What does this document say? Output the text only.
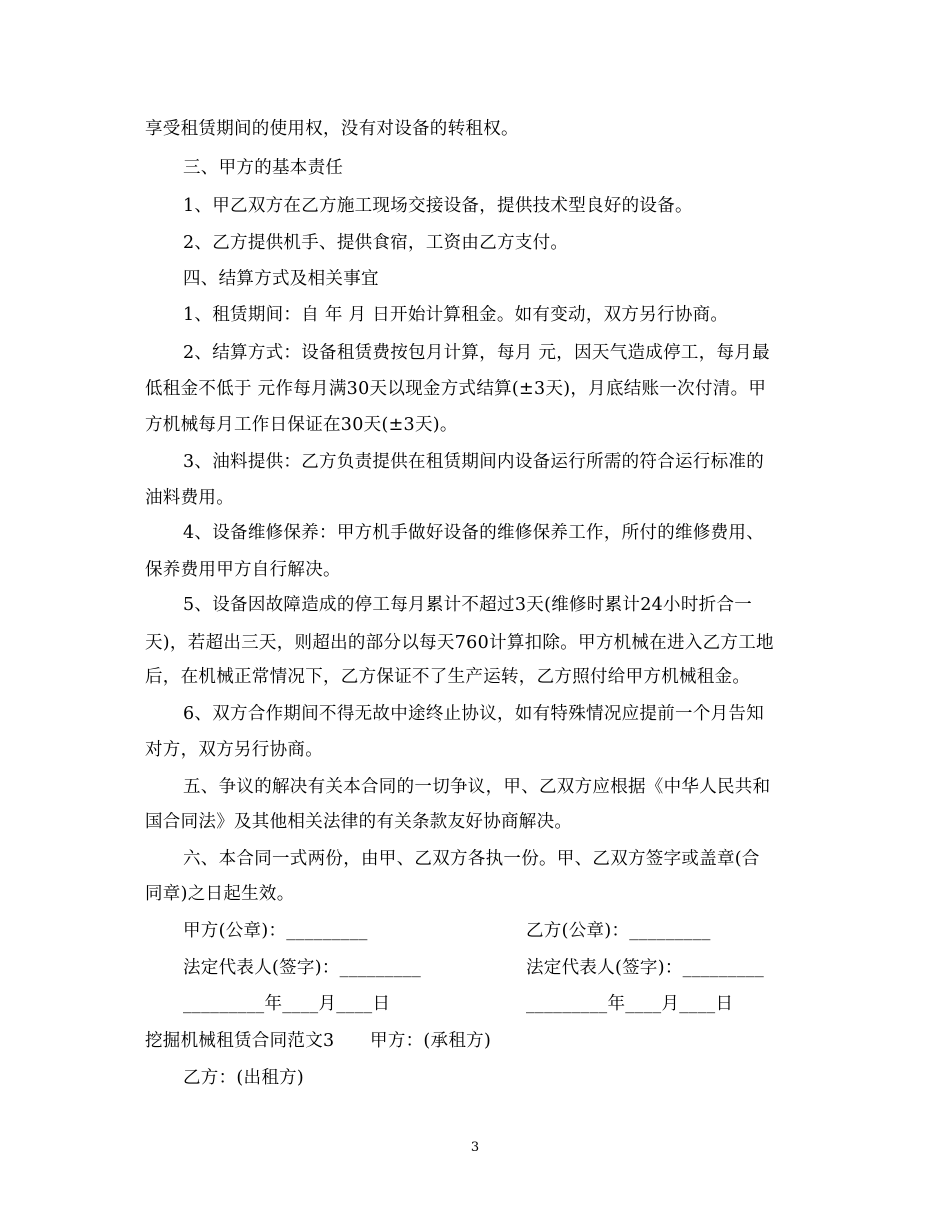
享受租赁期间的使用权，没有对设备的转租权。
三、甲方的基本责任
1、甲乙双方在乙方施工现场交接设备，提供技术型良好的设备。
2、乙方提供机手、提供食宿，工资由乙方支付。
四、结算方式及相关事宜
1、租赁期间：自 年 月 日开始计算租金。如有变动，双方另行协商。
2、结算方式：设备租赁费按包月计算，每月 元，因天气造成停工，每月最
低租金不低于 元作每月满30天以现金方式结算(±3天)，月底结账一次付清。甲
方机械每月工作日保证在30天(±3天)。
3、油料提供：乙方负责提供在租赁期间内设备运行所需的符合运行标准的
油料费用。
4、设备维修保养：甲方机手做好设备的维修保养工作，所付的维修费用、
保养费用甲方自行解决。
5、设备因故障造成的停工每月累计不超过3天(维修时累计24小时折合一
天)，若超出三天，则超出的部分以每天760计算扣除。甲方机械在进入乙方工地
后，在机械正常情况下，乙方保证不了生产运转，乙方照付给甲方机械租金。
6、双方合作期间不得无故中途终止协议，如有特殊情况应提前一个月告知
对方，双方另行协商。
五、争议的解决有关本合同的一切争议，甲、乙双方应根据《中华人民共和
国合同法》及其他相关法律的有关条款友好协商解决。
六、本合同一式两份，由甲、乙双方各执一份。甲、乙双方签字或盖章(合
同章)之日起生效。
甲方(公章)：_________	乙方(公章)：_________
法定代表人(签字)：_________	法定代表人(签字)：_________
_________年____月____日	_________年____月____日
挖掘机械租赁合同范文3　　甲方：(承租方)
乙方：(出租方)
3
